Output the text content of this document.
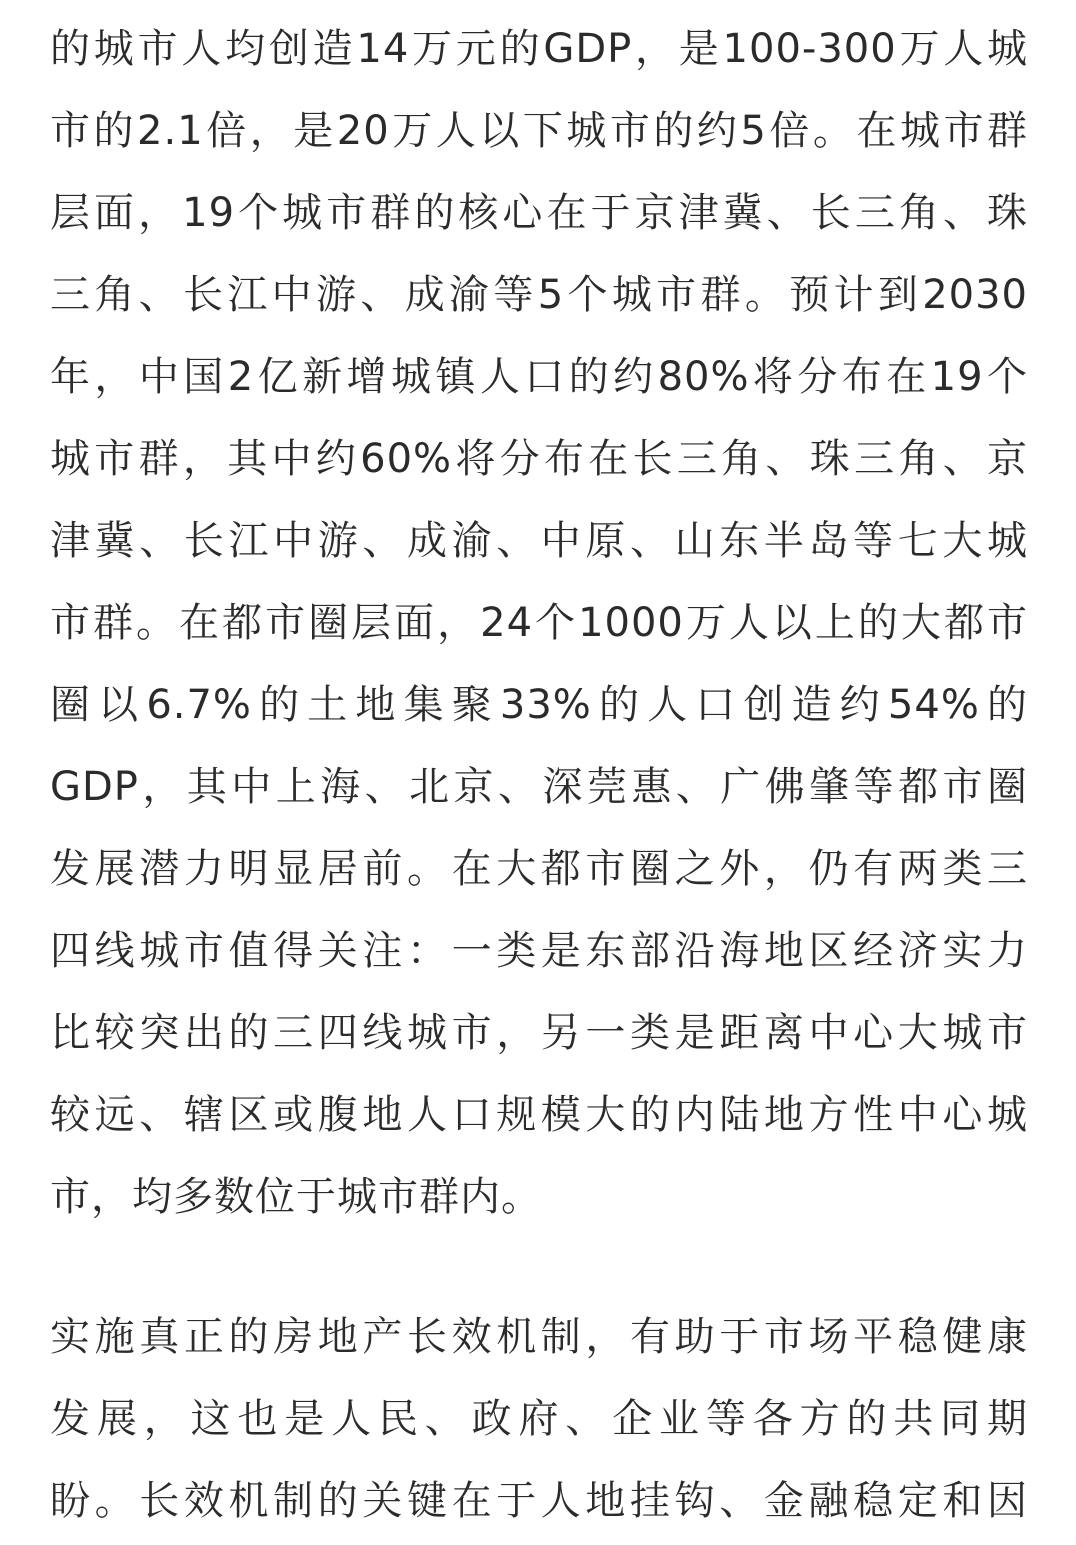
的城市人均创造14万元的GDP，是100-300万人城
市的2.1倍，是20万人以下城市的约5倍。在城市群
层面，19个城市群的核心在于京津冀、长三角、珠
三角、长江中游、成渝等5个城市群。预计到2030
年，中国2亿新增城镇人口的约80%将分布在19个
城市群，其中约60%将分布在长三角、珠三角、京
津冀、长江中游、成渝、中原、山东半岛等七大城
市群。在都市圈层面，24个1000万人以上的大都市
圈以6.7%的土地集聚33%的人口创造约54%的
GDP，其中上海、北京、深莞惠、广佛肇等都市圈
发展潜力明显居前。在大都市圈之外，仍有两类三
四线城市值得关注：一类是东部沿海地区经济实力
比较突出的三四线城市，另一类是距离中心大城市
较远、辖区或腹地人口规模大的内陆地方性中心城
市，均多数位于城市群内。
实施真正的房地产长效机制，有助于市场平稳健康
发展，这也是人民、政府、企业等各方的共同期
盼。长效机制的关键在于人地挂钩、金融稳定和因
